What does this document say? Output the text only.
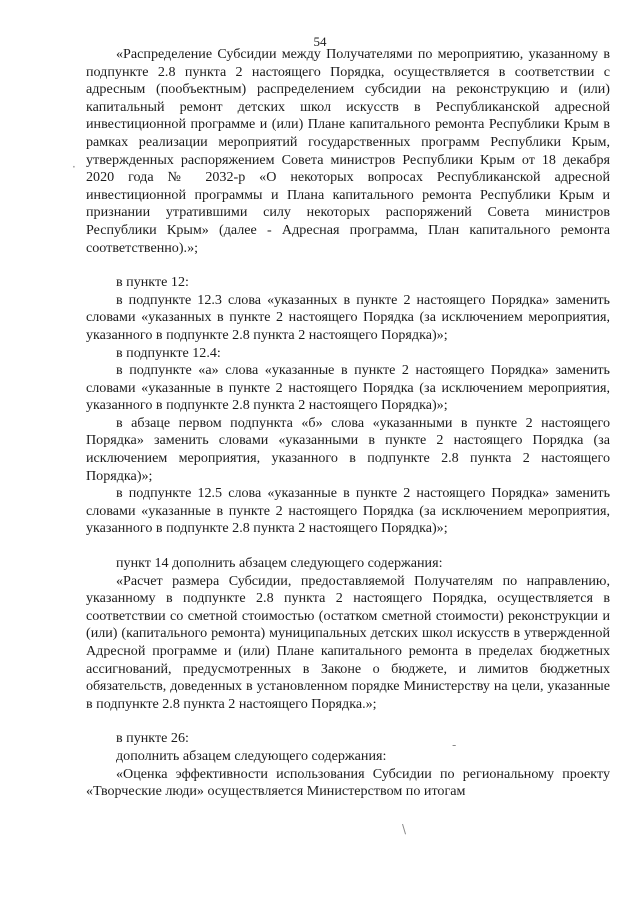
54

«Распределение Субсидии между Получателями по мероприятию, указанному в подпункте 2.8 пункта 2 настоящего Порядка, осуществляется в соответствии с адресным (пообъектным) распределением субсидии на реконструкцию и (или) капитальный ремонт детских школ искусств в Республиканской адресной инвестиционной программе и (или) Плане капитального ремонта Республики Крым в рамках реализации мероприятий государственных программ Республики Крым, утвержденных распоряжением Совета министров Республики Крым от 18 декабря 2020 года № 2032-р «О некоторых вопросах Республиканской адресной инвестиционной программы и Плана капитального ремонта Республики Крым и признании утратившими силу некоторых распоряжений Совета министров Республики Крым» (далее - Адресная программа, План капитального ремонта соответственно).»;

в пункте 12:

в подпункте 12.3 слова «указанных в пункте 2 настоящего Порядка» заменить словами «указанных в пункте 2 настоящего Порядка (за исключением мероприятия, указанного в подпункте 2.8 пункта 2 настоящего Порядка)»;

в подпункте 12.4:

в подпункте «а» слова «указанные в пункте 2 настоящего Порядка» заменить словами «указанные в пункте 2 настоящего Порядка (за исключением мероприятия, указанного в подпункте 2.8 пункта 2 настоящего Порядка)»;

в абзаце первом подпункта «б» слова «указанными в пункте 2 настоящего Порядка» заменить словами «указанными в пункте 2 настоящего Порядка (за исключением мероприятия, указанного в подпункте 2.8 пункта 2 настоящего Порядка)»;

в подпункте 12.5 слова «указанные в пункте 2 настоящего Порядка» заменить словами «указанные в пункте 2 настоящего Порядка (за исключением мероприятия, указанного в подпункте 2.8 пункта 2 настоящего Порядка)»;

пункт 14 дополнить абзацем следующего содержания:

«Расчет размера Субсидии, предоставляемой Получателям по направлению, указанному в подпункте 2.8 пункта 2 настоящего Порядка, осуществляется в соответствии со сметной стоимостью (остатком сметной стоимости) реконструкции и (или) (капитального ремонта) муниципальных детских школ искусств в утвержденной Адресной программе и (или) Плане капитального ремонта в пределах бюджетных ассигнований, предусмотренных в Законе о бюджете, и лимитов бюджетных обязательств, доведенных в установленном порядке Министерству на цели, указанные в подпункте 2.8 пункта 2 настоящего Порядка.»;

в пункте 26:

дополнить абзацем следующего содержания:

«Оценка эффективности использования Субсидии по региональному проекту «Творческие люди» осуществляется Министерством по итогам

·
-
\
